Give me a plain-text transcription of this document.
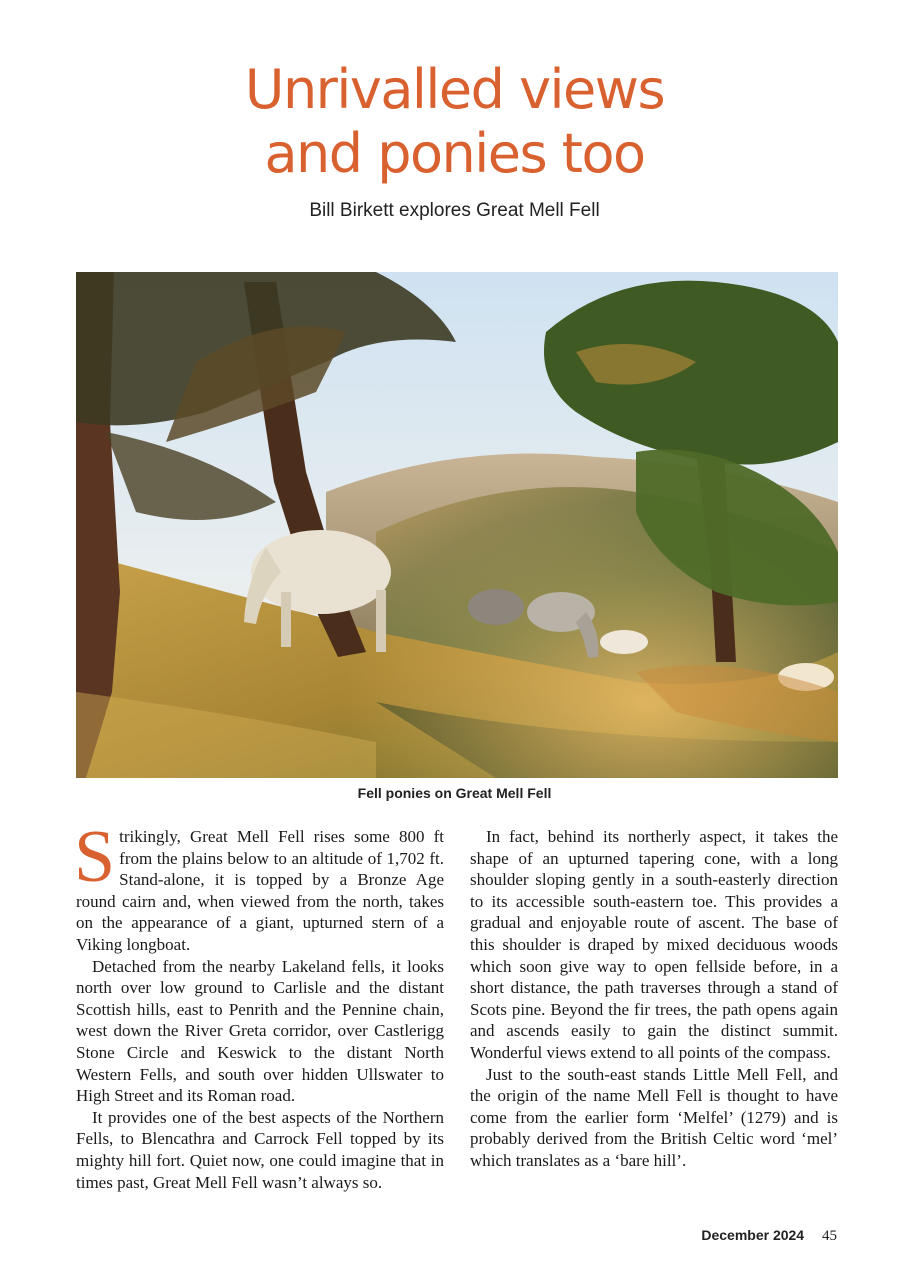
Unrivalled views
and ponies too
Bill Birkett explores Great Mell Fell
Fell ponies on Great Mell Fell

Strikingly, Great Mell Fell rises some 800 ft from the plains below to an altitude of 1,702 ft. Stand-alone, it is topped by a Bronze Age round cairn and, when viewed from the north, takes on the appearance of a giant, upturned stern of a Viking longboat.

Detached from the nearby Lakeland fells, it looks north over low ground to Carlisle and the distant Scottish hills, east to Penrith and the Pennine chain, west down the River Greta corridor, over Castlerigg Stone Circle and Keswick to the distant North Western Fells, and south over hidden Ullswater to High Street and its Roman road.

It provides one of the best aspects of the Northern Fells, to Blencathra and Carrock Fell topped by its mighty hill fort. Quiet now, one could imagine that in times past, Great Mell Fell wasn’t always so.

In fact, behind its northerly aspect, it takes the shape of an upturned tapering cone, with a long shoulder sloping gently in a south-easterly direction to its accessible south-eastern toe. This provides a gradual and enjoyable route of ascent. The base of this shoulder is draped by mixed deciduous woods which soon give way to open fellside before, in a short distance, the path traverses through a stand of Scots pine. Beyond the fir trees, the path opens again and ascends easily to gain the distinct summit. Wonderful views extend to all points of the compass.

Just to the south-east stands Little Mell Fell, and the origin of the name Mell Fell is thought to have come from the earlier form ‘Melfel’ (1279) and is probably derived from the British Celtic word ‘mel’ which translates as a ‘bare hill’.

December 2024 45
